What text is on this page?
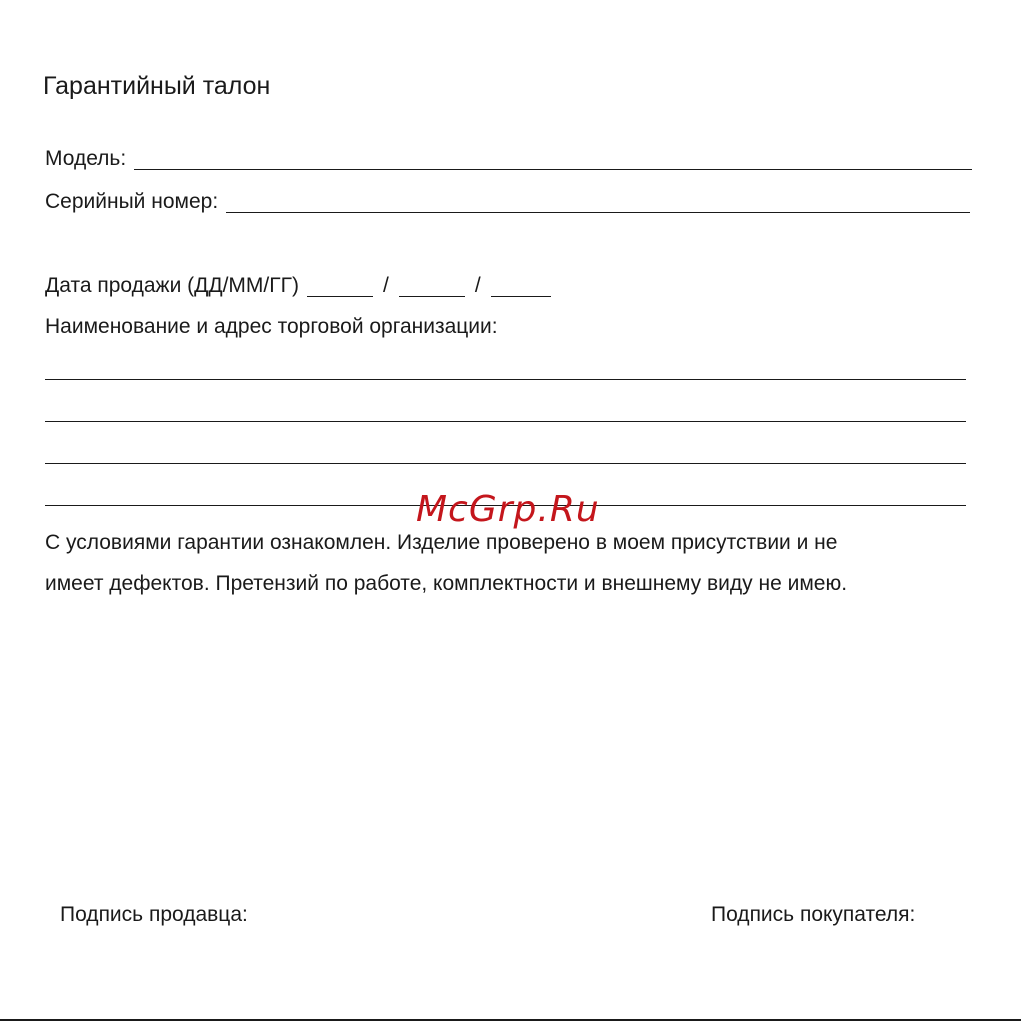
Гарантийный талон
Модель:
Серийный номер:
Дата продажи (ДД/ММ/ГГ)	/	/
Наименование и адрес торговой организации:
С условиями гарантии ознакомлен. Изделие проверено в моем присутствии и не
имеет дефектов. Претензий по работе, комплектности и внешнему виду не имею.
McGrp.Ru
Подпись продавца:	Подпись покупателя:
